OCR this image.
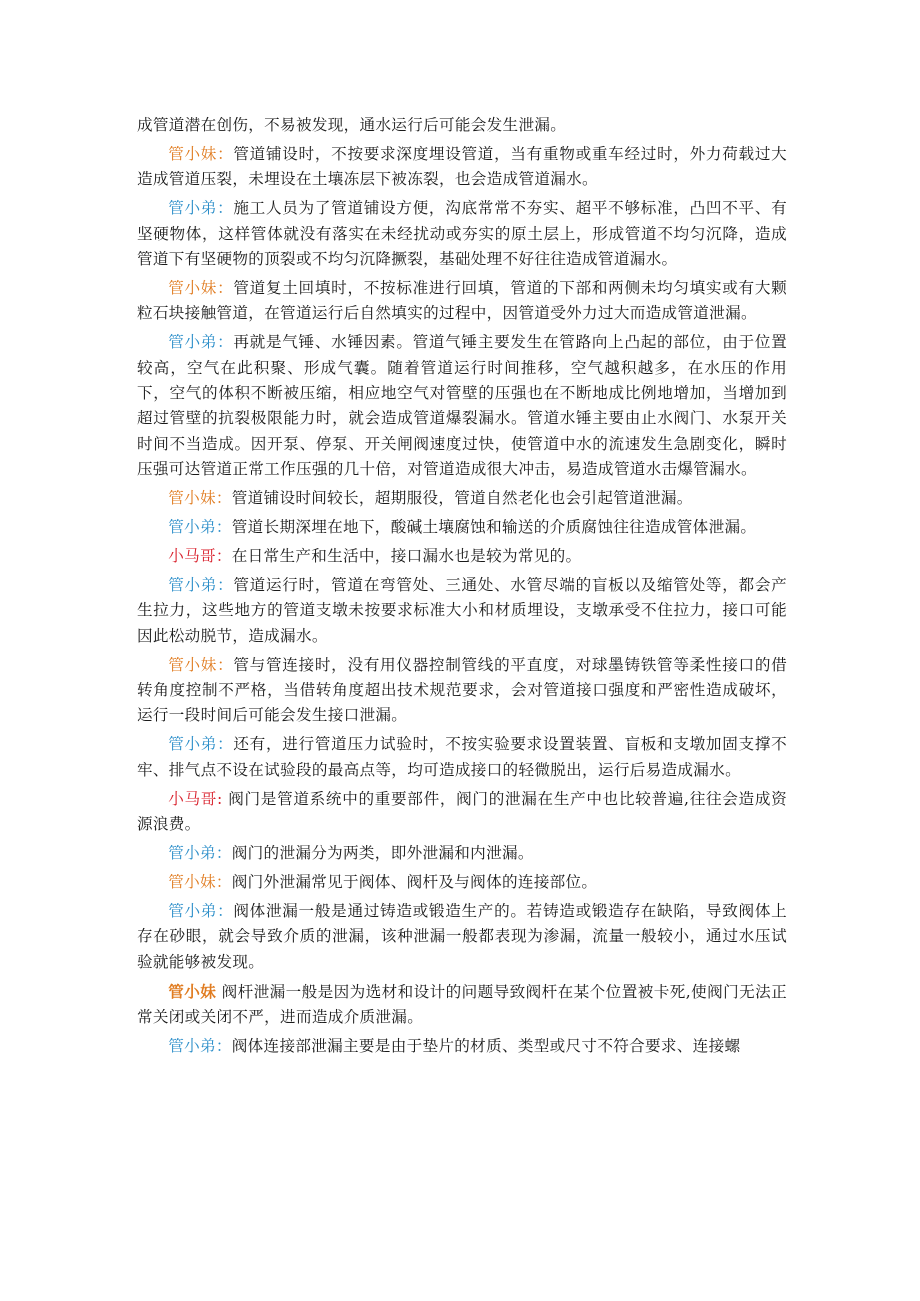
成管道潜在创伤，不易被发现，通水运行后可能会发生泄漏。

管小妹：管道铺设时，不按要求深度埋设管道，当有重物或重车经过时，外力荷载过大造成管道压裂，未埋设在土壤冻层下被冻裂，也会造成管道漏水。

管小弟：施工人员为了管道铺设方便，沟底常常不夯实、超平不够标准，凸凹不平、有坚硬物体，这样管体就没有落实在未经扰动或夯实的原土层上，形成管道不均匀沉降，造成管道下有坚硬物的顶裂或不均匀沉降撅裂，基础处理不好往往造成管道漏水。

管小妹：管道复土回填时，不按标准进行回填，管道的下部和两侧未均匀填实或有大颗粒石块接触管道，在管道运行后自然填实的过程中，因管道受外力过大而造成管道泄漏。

管小弟：再就是气锤、水锤因素。管道气锤主要发生在管路向上凸起的部位，由于位置较高，空气在此积聚、形成气囊。随着管道运行时间推移，空气越积越多，在水压的作用下，空气的体积不断被压缩，相应地空气对管壁的压强也在不断地成比例地增加，当增加到超过管壁的抗裂极限能力时，就会造成管道爆裂漏水。管道水锤主要由止水阀门、水泵开关时间不当造成。因开泵、停泵、开关闸阀速度过快，使管道中水的流速发生急剧变化，瞬时压强可达管道正常工作压强的几十倍，对管道造成很大冲击，易造成管道水击爆管漏水。

管小妹：管道铺设时间较长，超期服役，管道自然老化也会引起管道泄漏。

管小弟：管道长期深埋在地下，酸碱土壤腐蚀和输送的介质腐蚀往往造成管体泄漏。

小马哥：在日常生产和生活中，接口漏水也是较为常见的。

管小弟：管道运行时，管道在弯管处、三通处、水管尽端的盲板以及缩管处等，都会产生拉力，这些地方的管道支墩未按要求标准大小和材质埋设，支墩承受不住拉力，接口可能因此松动脱节，造成漏水。

管小妹：管与管连接时，没有用仪器控制管线的平直度，对球墨铸铁管等柔性接口的借转角度控制不严格，当借转角度超出技术规范要求，会对管道接口强度和严密性造成破坏，运行一段时间后可能会发生接口泄漏。

管小弟：还有，进行管道压力试验时，不按实验要求设置装置、盲板和支墩加固支撑不牢、排气点不设在试验段的最高点等，均可造成接口的轻微脱出，运行后易造成漏水。

小马哥: 阀门是管道系统中的重要部件，阀门的泄漏在生产中也比较普遍,往往会造成资源浪费。

管小弟：阀门的泄漏分为两类，即外泄漏和内泄漏。

管小妹：阀门外泄漏常见于阀体、阀杆及与阀体的连接部位。

管小弟：阀体泄漏一般是通过铸造或锻造生产的。若铸造或锻造存在缺陷，导致阀体上存在砂眼，就会导致介质的泄漏，该种泄漏一般都表现为渗漏，流量一般较小，通过水压试验就能够被发现。

管小妹 阀杆泄漏一般是因为选材和设计的问题导致阀杆在某个位置被卡死,使阀门无法正常关闭或关闭不严，进而造成介质泄漏。

管小弟：阀体连接部泄漏主要是由于垫片的材质、类型或尺寸不符合要求、连接螺
